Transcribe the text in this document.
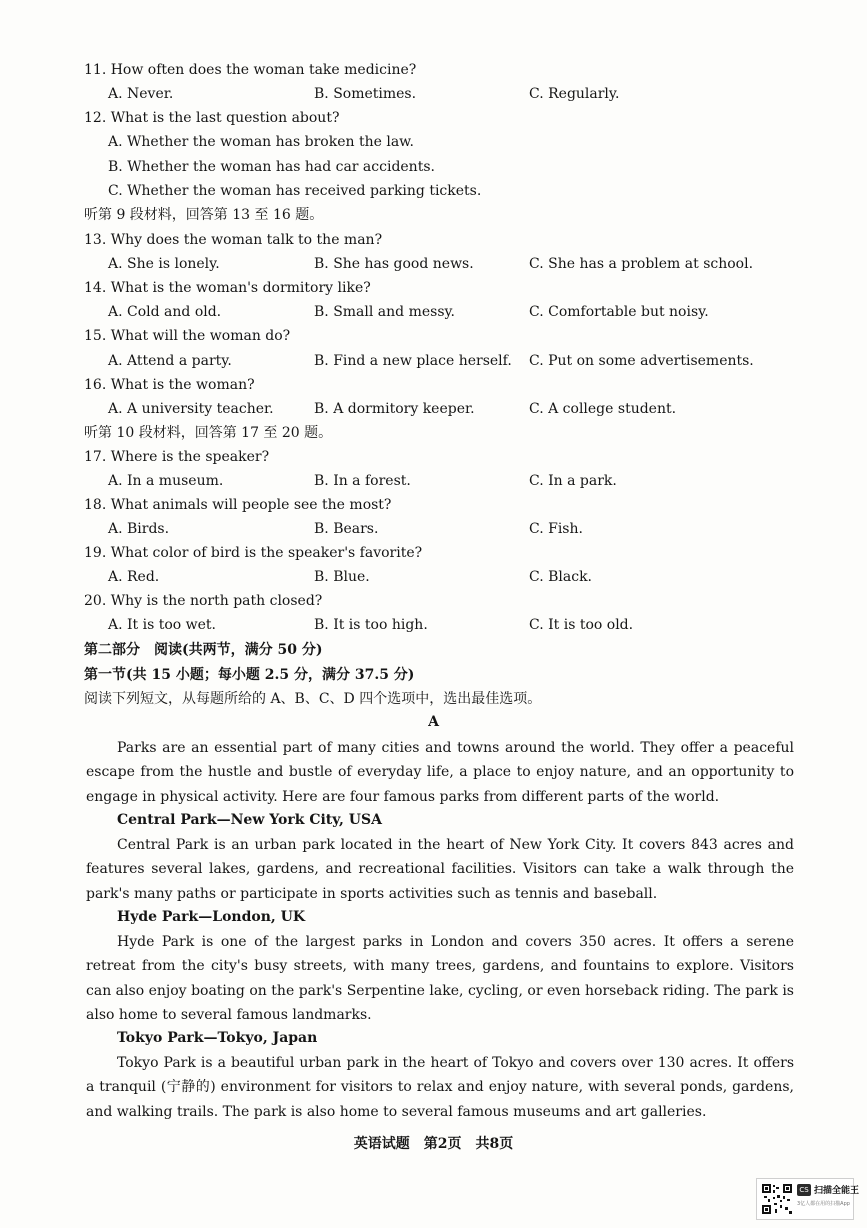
11. How often does the woman take medicine?
A. Never.	B. Sometimes.	C. Regularly.
12. What is the last question about?
A. Whether the woman has broken the law.
B. Whether the woman has had car accidents.
C. Whether the woman has received parking tickets.
听第 9 段材料，回答第 13 至 16 题。
13. Why does the woman talk to the man?
A. She is lonely.	B. She has good news.	C. She has a problem at school.
14. What is the woman's dormitory like?
A. Cold and old.	B. Small and messy.	C. Comfortable but noisy.
15. What will the woman do?
A. Attend a party.	B. Find a new place herself. C. Put on some advertisements.
16. What is the woman?
A. A university teacher.	B. A dormitory keeper.	C. A college student.
听第 10 段材料，回答第 17 至 20 题。
17. Where is the speaker?
A. In a museum.	B. In a forest.	C. In a park.
18. What animals will people see the most?
A. Birds.	B. Bears.	C. Fish.
19. What color of bird is the speaker's favorite?
A. Red.	B. Blue.	C. Black.
20. Why is the north path closed?
A. It is too wet.	B. It is too high.	C. It is too old.
第二部分　阅读(共两节，满分 50 分)
第一节(共 15 小题；每小题 2.5 分，满分 37.5 分)
阅读下列短文，从每题所给的 A、B、C、D 四个选项中，选出最佳选项。
A

Parks are an essential part of many cities and towns around the world. They offer a peaceful escape from the hustle and bustle of everyday life, a place to enjoy nature, and an opportunity to engage in physical activity. Here are four famous parks from different parts of the world.

Central Park—New York City, USA

Central Park is an urban park located in the heart of New York City. It covers 843 acres and features several lakes, gardens, and recreational facilities. Visitors can take a walk through the park's many paths or participate in sports activities such as tennis and baseball.

Hyde Park—London, UK

Hyde Park is one of the largest parks in London and covers 350 acres. It offers a serene retreat from the city's busy streets, with many trees, gardens, and fountains to explore. Visitors can also enjoy boating on the park's Serpentine lake, cycling, or even horseback riding. The park is also home to several famous landmarks.

Tokyo Park—Tokyo, Japan

Tokyo Park is a beautiful urban park in the heart of Tokyo and covers over 130 acres. It offers a tranquil (宁静的) environment for visitors to relax and enjoy nature, with several ponds, gardens, and walking trails. The park is also home to several famous museums and art galleries.

英语试题　第2页　共8页
CS 扫描全能王
3亿人都在用的扫描App
